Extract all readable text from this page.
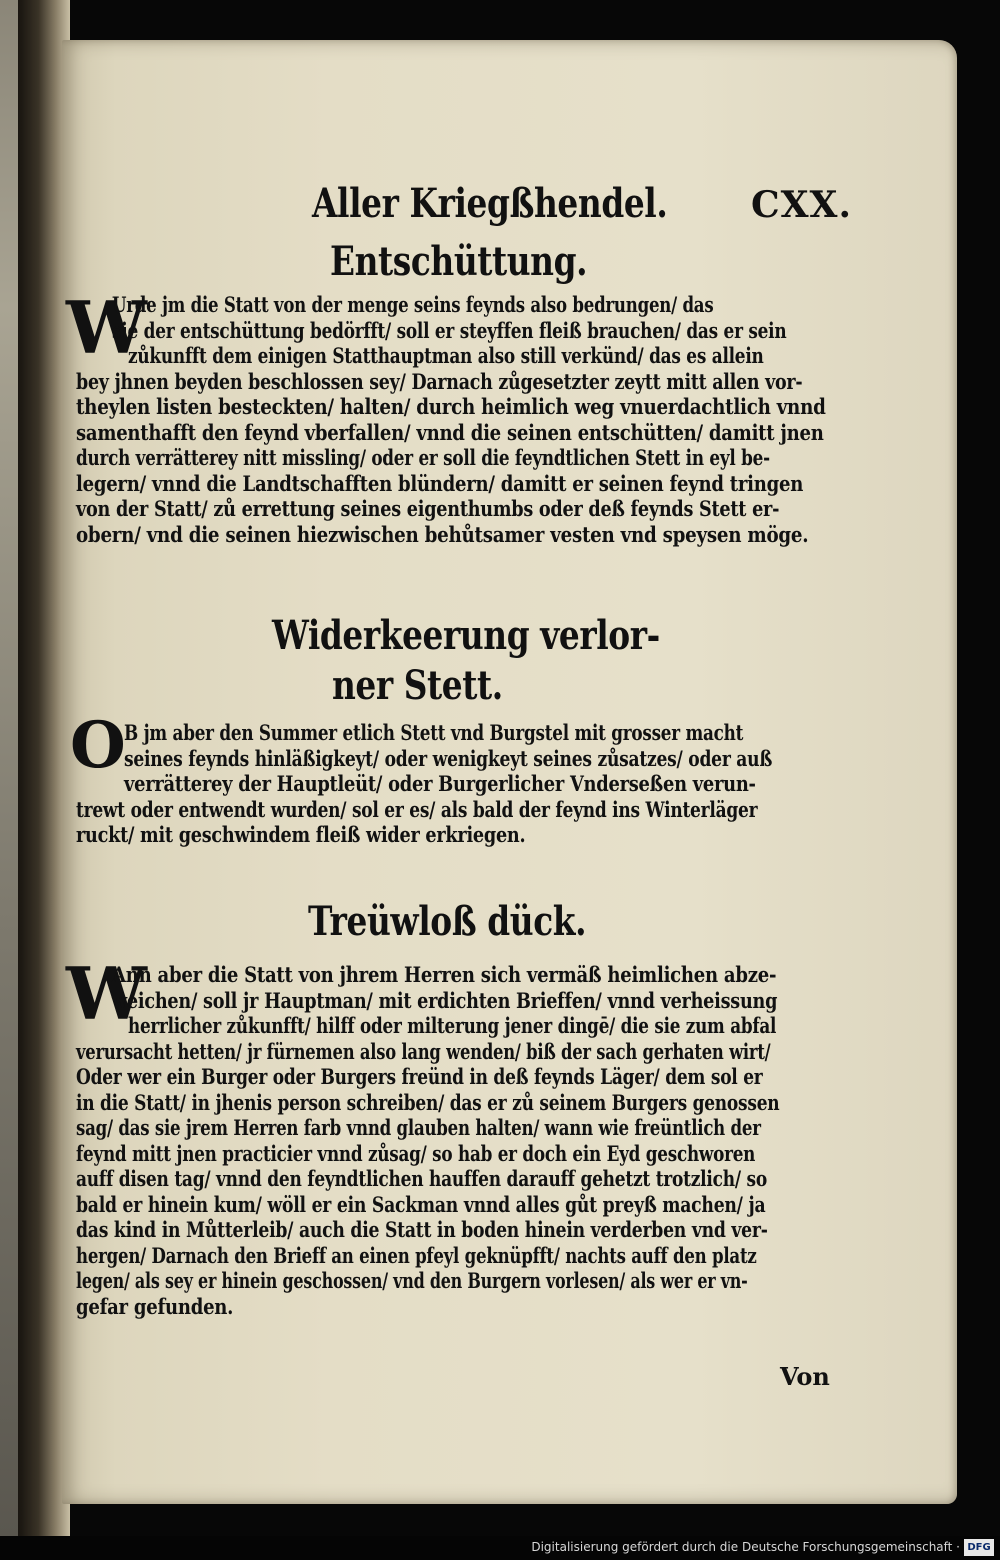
Aller Kriegßhendel. CXX.
Entschüttung.
W
Urde jm die Statt von der menge seins feynds also bedrungen/ das
sie der entschüttung bedörfft/ soll er steyffen fleiß brauchen/ das er sein
zůkunfft dem einigen Statthauptman also still verkünd/ das es allein
bey jhnen beyden beschlossen sey/ Darnach zůgesetzter zeytt mitt allen vor-
theylen listen besteckten/ halten/ durch heimlich weg vnuerdachtlich vnnd
samenthafft den feynd vberfallen/ vnnd die seinen entschütten/ damitt jnen
durch verrätterey nitt missling/ oder er soll die feyndtlichen Stett in eyl be-
legern/ vnnd die Landtschafften blündern/ damitt er seinen feynd tringen
von der Statt/ zů errettung seines eigenthumbs oder deß feynds Stett er-
obern/ vnd die seinen hiezwischen behůtsamer vesten vnd speysen möge.
Widerkeerung verlor-
ner Stett.
O
B jm aber den Summer etlich Stett vnd Burgstel mit grosser macht
seines feynds hinläßigkeyt/ oder wenigkeyt seines zůsatzes/ oder auß
verrätterey der Hauptleüt/ oder Burgerlicher Vnderseßen verun-
trewt oder entwendt wurden/ sol er es/ als bald der feynd ins Winterläger
ruckt/ mit geschwindem fleiß wider erkriegen.
Treüwloß dück.
W
Ann aber die Statt von jhrem Herren sich vermäß heimlichen abze-
weichen/ soll jr Hauptman/ mit erdichten Brieffen/ vnnd verheissung
herrlicher zůkunfft/ hilff oder milterung jener dingē/ die sie zum abfal
verursacht hetten/ jr fürnemen also lang wenden/ biß der sach gerhaten wirt/
Oder wer ein Burger oder Burgers freünd in deß feynds Läger/ dem sol er
in die Statt/ in jhenis person schreiben/ das er zů seinem Burgers genossen
sag/ das sie jrem Herren farb vnnd glauben halten/ wann wie freüntlich der
feynd mitt jnen practicier vnnd zůsag/ so hab er doch ein Eyd geschworen
auff disen tag/ vnnd den feyndtlichen hauffen darauff gehetzt trotzlich/ so
bald er hinein kum/ wöll er ein Sackman vnnd alles gůt preyß machen/ ja
das kind in Můtterleib/ auch die Statt in boden hinein verderben vnd ver-
hergen/ Darnach den Brieff an einen pfeyl geknüpfft/ nachts auff den platz
legen/ als sey er hinein geschossen/ vnd den Burgern vorlesen/ als wer er vn-
gefar gefunden.
Von
Digitalisierung gefördert durch die Deutsche Forschungsgemeinschaft · DFG
